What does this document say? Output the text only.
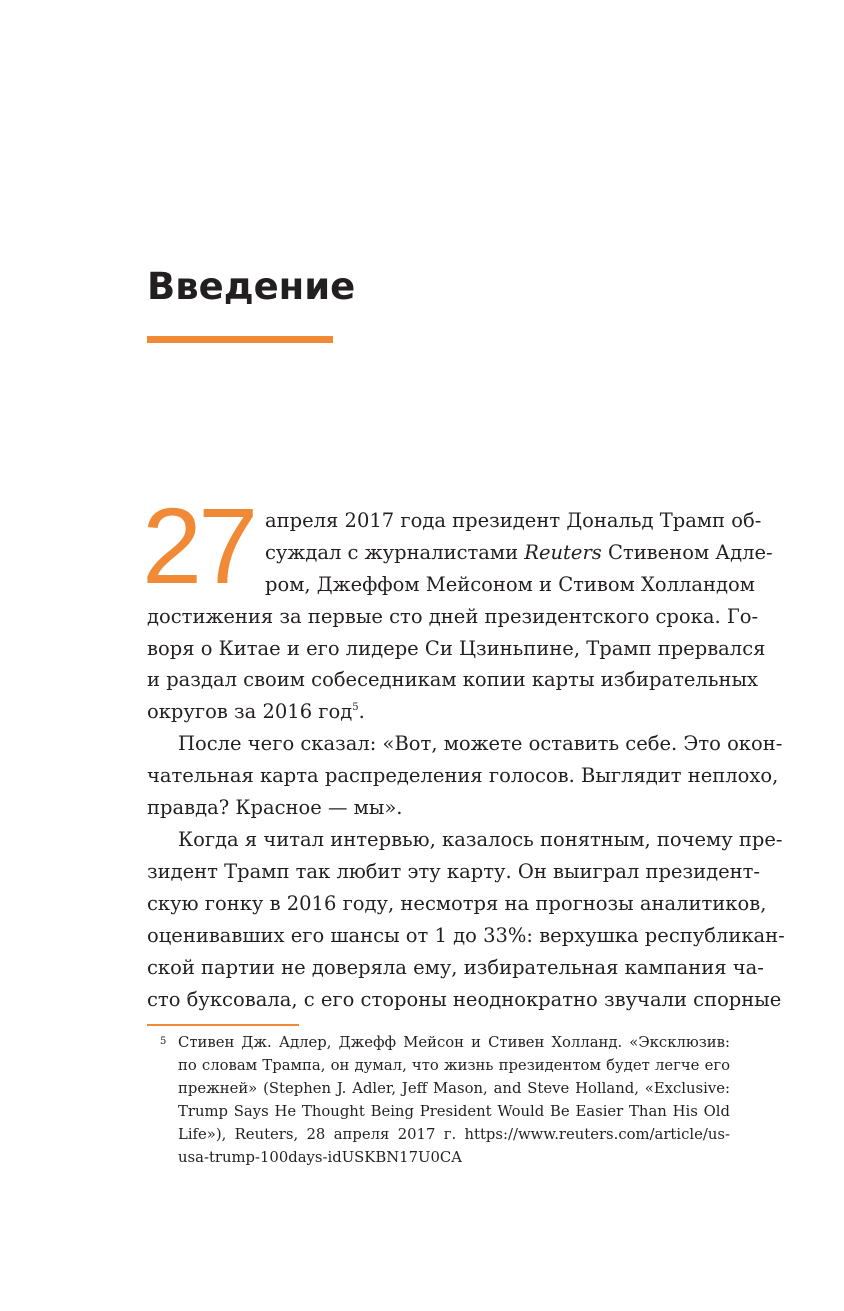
Введение
27 апреля 2017 года президент Дональд Трамп об-
суждал с журналистами Reuters Стивеном Адле-
ром, Джеффом Мейсоном и Стивом Холландом
достижения за первые сто дней президентского срока. Го-
воря о Китае и его лидере Си Цзиньпине, Трамп прервался
и раздал своим собеседникам копии карты избирательных
округов за 2016 год$^5$.
После чего сказал: «Вот, можете оставить себе. Это окон-
чательная карта распределения голосов. Выглядит неплохо,
правда? Красное — мы».
Когда я читал интервью, казалось понятным, почему пре-
зидент Трамп так любит эту карту. Он выиграл президент-
скую гонку в 2016 году, несмотря на прогнозы аналитиков,
оценивавших его шансы от 1 до 33%: верхушка республикан-
ской партии не доверяла ему, избирательная кампания ча-
сто буксовала, с его стороны неоднократно звучали спорные
5 Стивен Дж. Адлер, Джефф Мейсон и Стивен Холланд. «Эксклюзив:
по словам Трампа, он думал, что жизнь президентом будет легче его
прежней» (Stephen J. Adler, Jeff Mason, and Steve Holland, «Exclusive:
Trump Says He Thought Being President Would Be Easier Than His Old
Life»), Reuters, 28 апреля 2017 г. https://www.reuters.com/article/us-
usa-trump-100days-idUSKBN17U0CA
